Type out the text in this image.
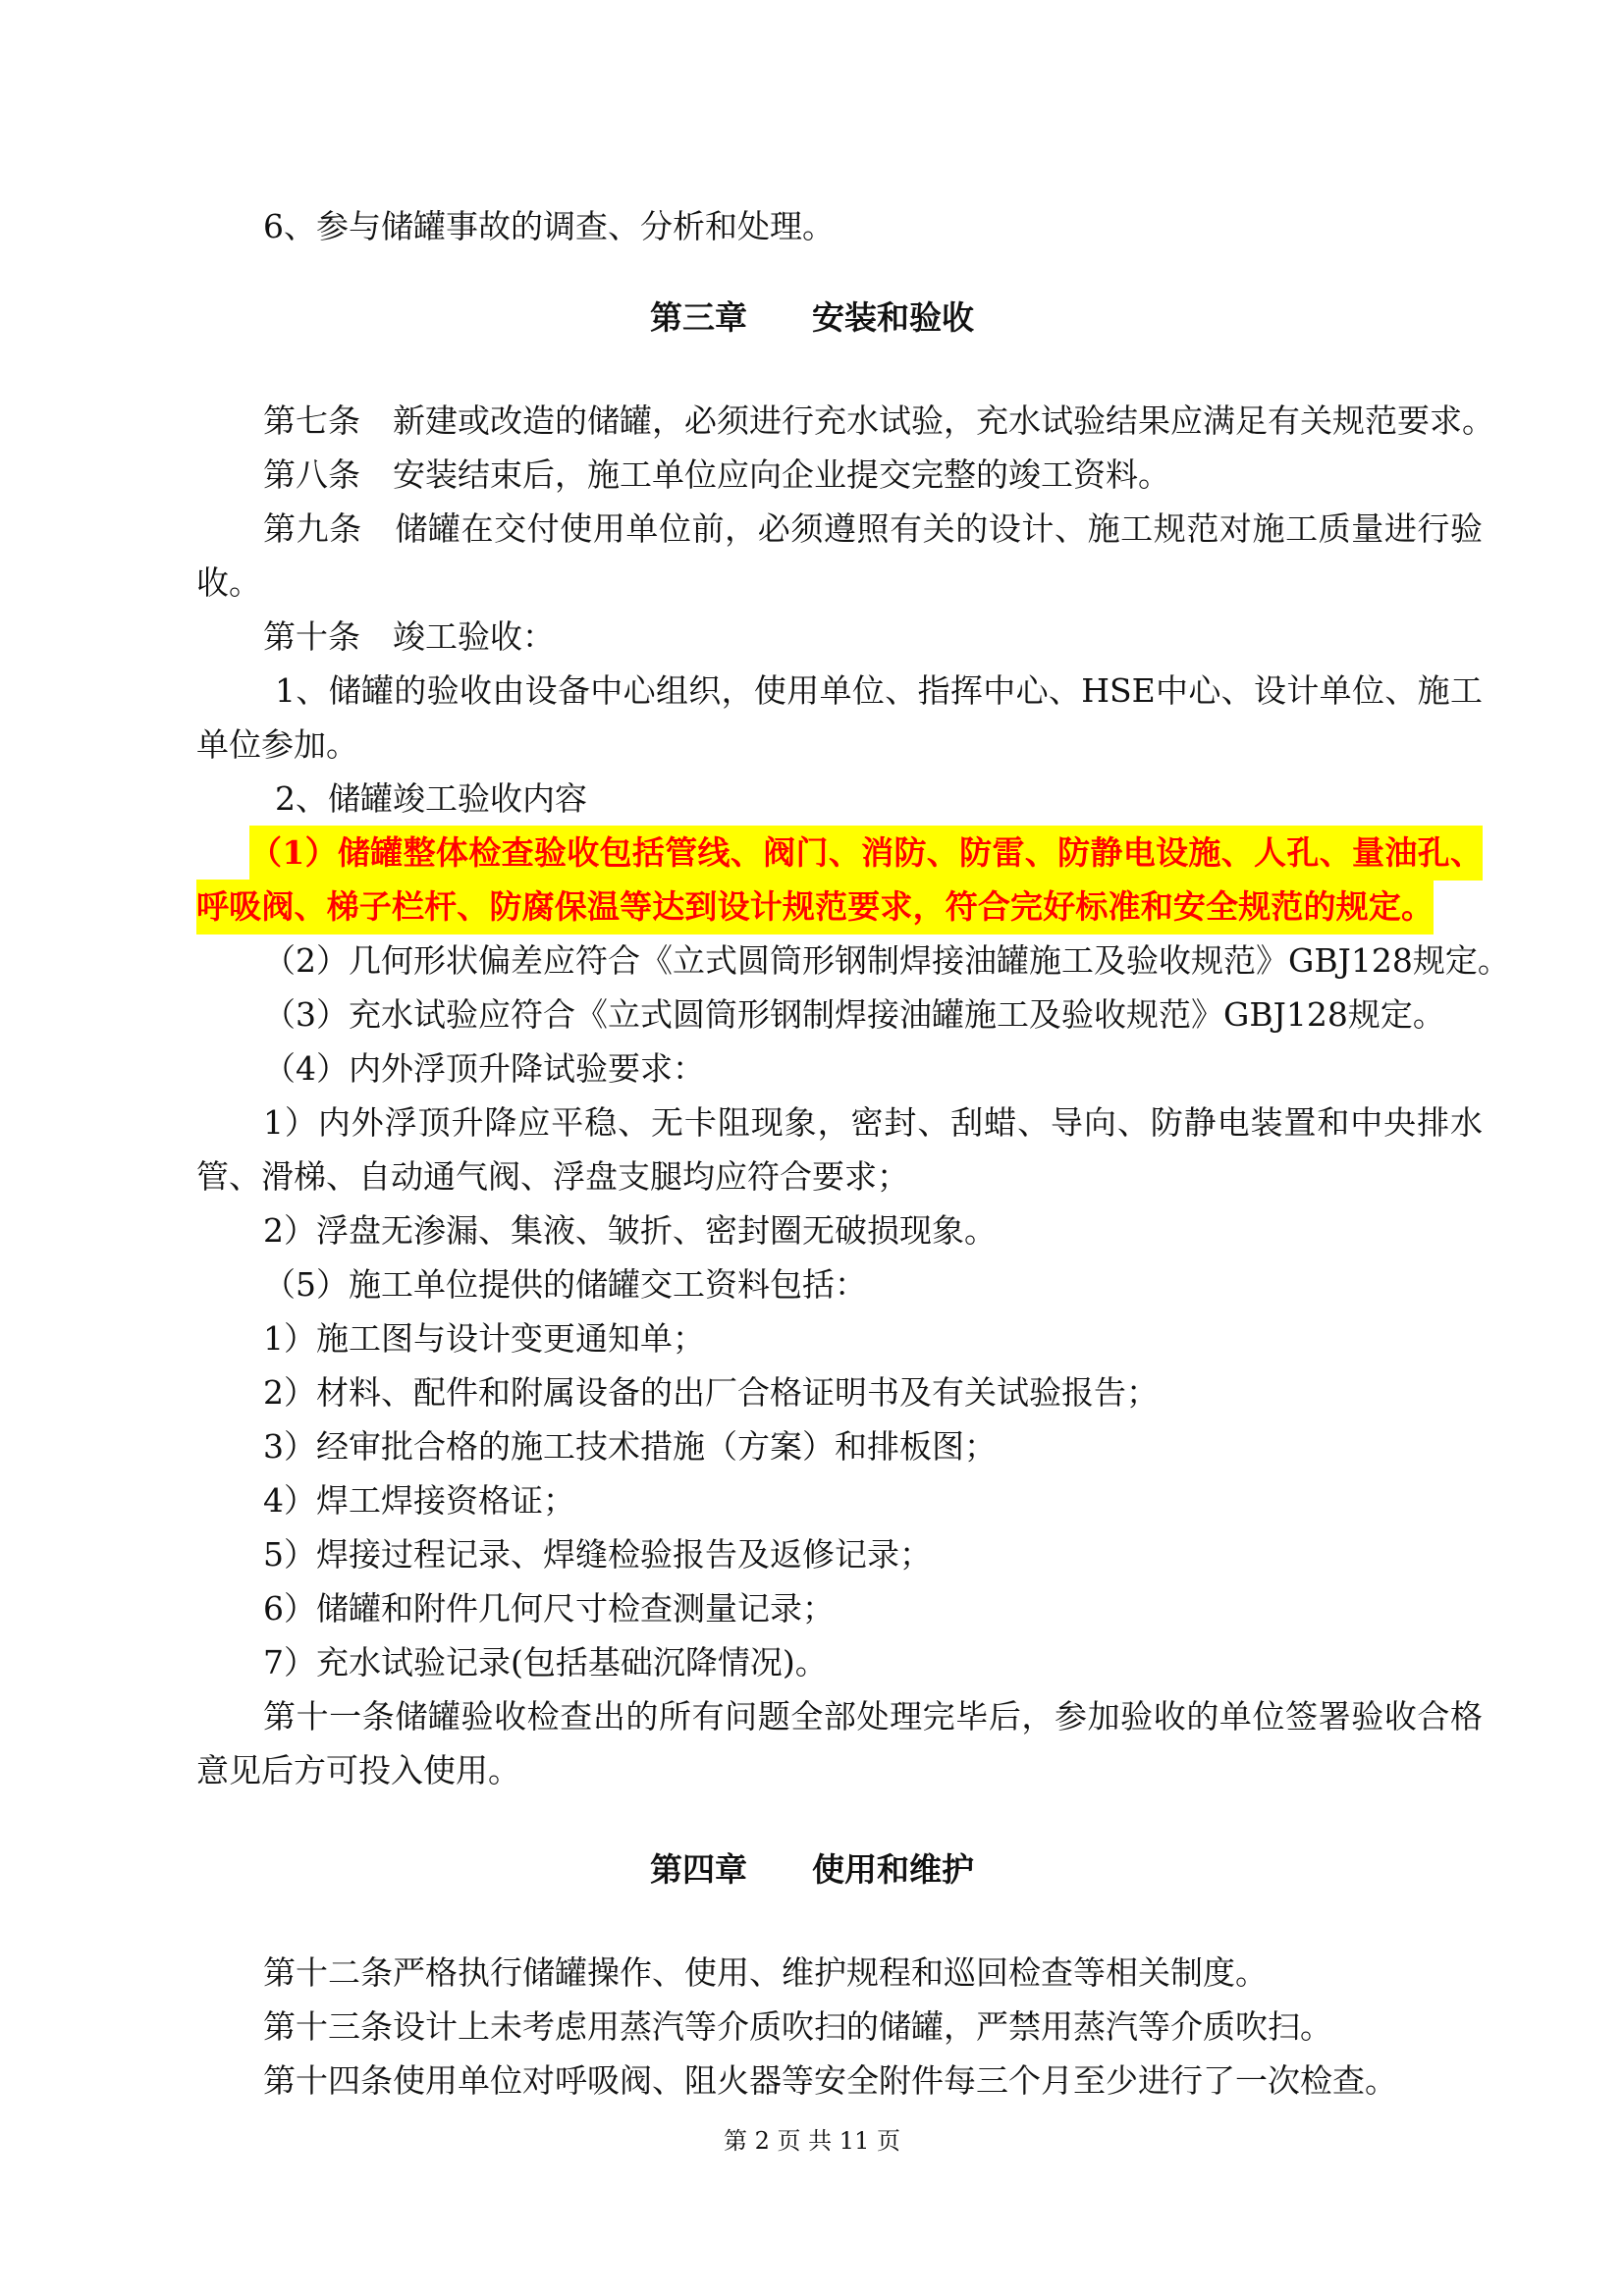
6、参与储罐事故的调查、分析和处理。
第三章　　安装和验收
第七条　新建或改造的储罐，必须进行充水试验，充水试验结果应满足有关规范要求。
第八条　安装结束后，施工单位应向企业提交完整的竣工资料。
第九条　储罐在交付使用单位前，必须遵照有关的设计、施工规范对施工质量进行验
收。
第十条　竣工验收：
1、储罐的验收由设备中心组织，使用单位、指挥中心、HSE中心、设计单位、施工
单位参加。
2、储罐竣工验收内容
（1）储罐整体检查验收包括管线、阀门、消防、防雷、防静电设施、人孔、量油孔、
呼吸阀、梯子栏杆、防腐保温等达到设计规范要求，符合完好标准和安全规范的规定。
（2）几何形状偏差应符合《立式圆筒形钢制焊接油罐施工及验收规范》GBJ128规定。
（3）充水试验应符合《立式圆筒形钢制焊接油罐施工及验收规范》GBJ128规定。
（4）内外浮顶升降试验要求：
1）内外浮顶升降应平稳、无卡阻现象，密封、刮蜡、导向、防静电装置和中央排水
管、滑梯、自动通气阀、浮盘支腿均应符合要求；
2）浮盘无渗漏、集液、皱折、密封圈无破损现象。
（5）施工单位提供的储罐交工资料包括：
1）施工图与设计变更通知单；
2）材料、配件和附属设备的出厂合格证明书及有关试验报告；
3）经审批合格的施工技术措施（方案）和排板图；
4）焊工焊接资格证；
5）焊接过程记录、焊缝检验报告及返修记录；
6）储罐和附件几何尺寸检查测量记录；
7）充水试验记录(包括基础沉降情况)。
第十一条储罐验收检查出的所有问题全部处理完毕后，参加验收的单位签署验收合格
意见后方可投入使用。
第四章　　使用和维护
第十二条严格执行储罐操作、使用、维护规程和巡回检查等相关制度。
第十三条设计上未考虑用蒸汽等介质吹扫的储罐，严禁用蒸汽等介质吹扫。
第十四条使用单位对呼吸阀、阻火器等安全附件每三个月至少进行了一次检查。
第 2 页 共 11 页
